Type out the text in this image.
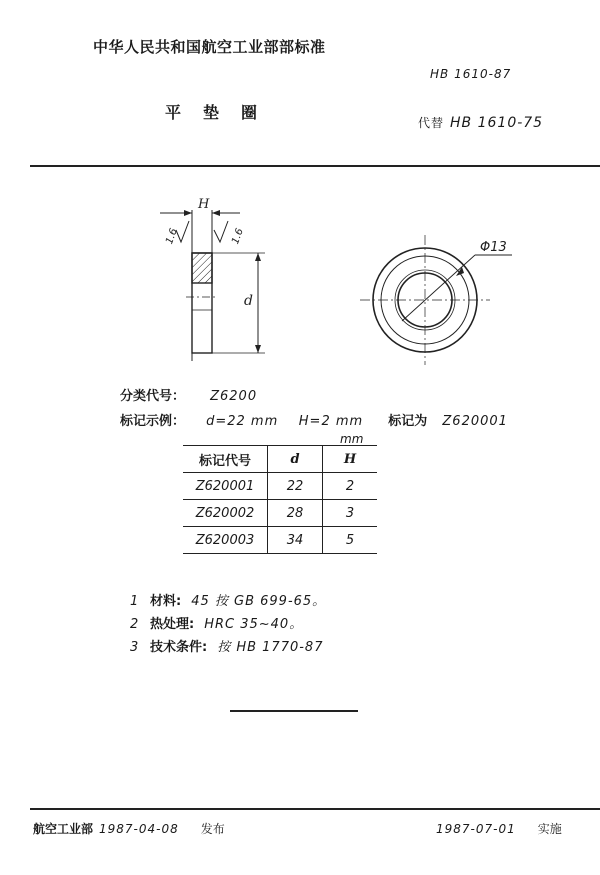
中华人民共和国航空工业部部标准
HB 1610-87
平 垫 圈
代替 HB 1610-75
H
1.6	1.6
d
Φ13
分类代号： Z6200
标记示例： d=22 mm    H=2 mm 标记为 Z620001
mm
标记代号	d	H
Z620001	22	2
Z620002	28	3
Z620003	34	5
1 材料: 45 按 GB 699-65。
2 热处理: HRC 35~40。
3 技术条件: 按 HB 1770-87
航空工业部 1987-04-08 发布	1987-07-01 实施
